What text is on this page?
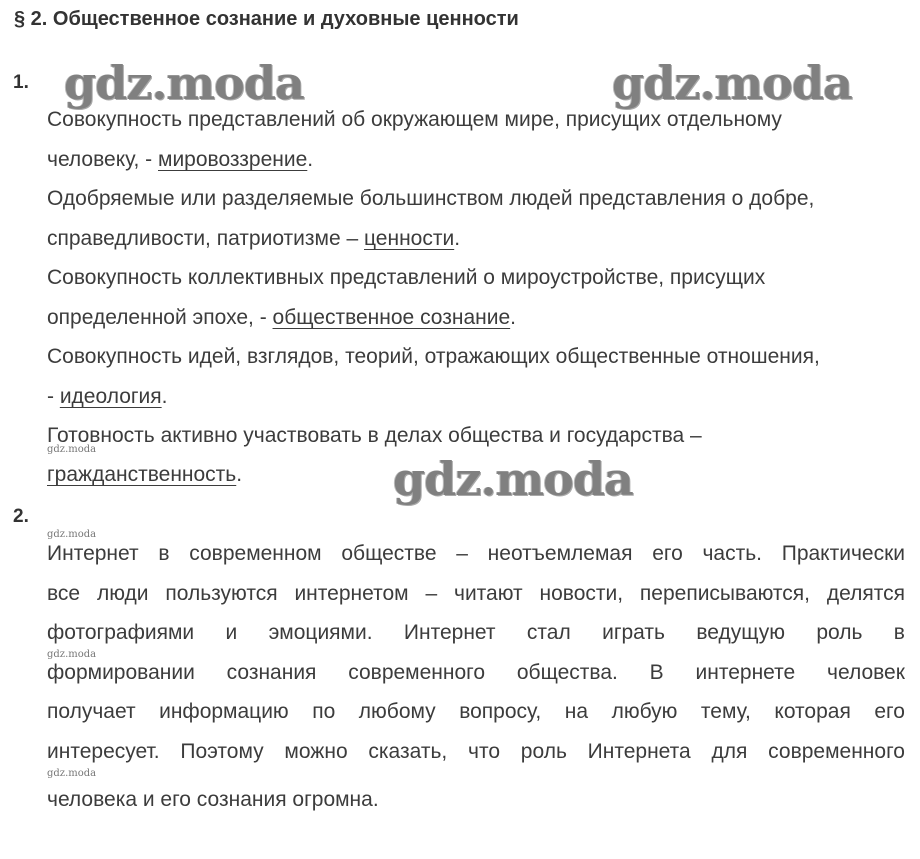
§ 2. Общественное сознание и духовные ценности
gdz.moda	gdz.moda
gdz.moda
gdz.moda
gdz.moda
gdz.moda
gdz.moda
1.
Совокупность представлений об окружающем мире, присущих отдельному
человеку, - мировоззрение.
Одобряемые или разделяемые большинством людей представления о добре,
справедливости, патриотизме – ценности.
Совокупность коллективных представлений о мироустройстве, присущих
определенной эпохе, - общественное сознание.
Совокупность идей, взглядов, теорий, отражающих общественные отношения,
- идеология.
Готовность активно участвовать в делах общества и государства –
гражданственность.
2.
Интернет в современном обществе – неотъемлемая его часть. Практически
все люди пользуются интернетом – читают новости, переписываются, делятся
фотографиями и эмоциями. Интернет стал играть ведущую роль в
формировании сознания современного общества. В интернете человек
получает информацию по любому вопросу, на любую тему, которая его
интересует. Поэтому можно сказать, что роль Интернета для современного
человека и его сознания огромна.
